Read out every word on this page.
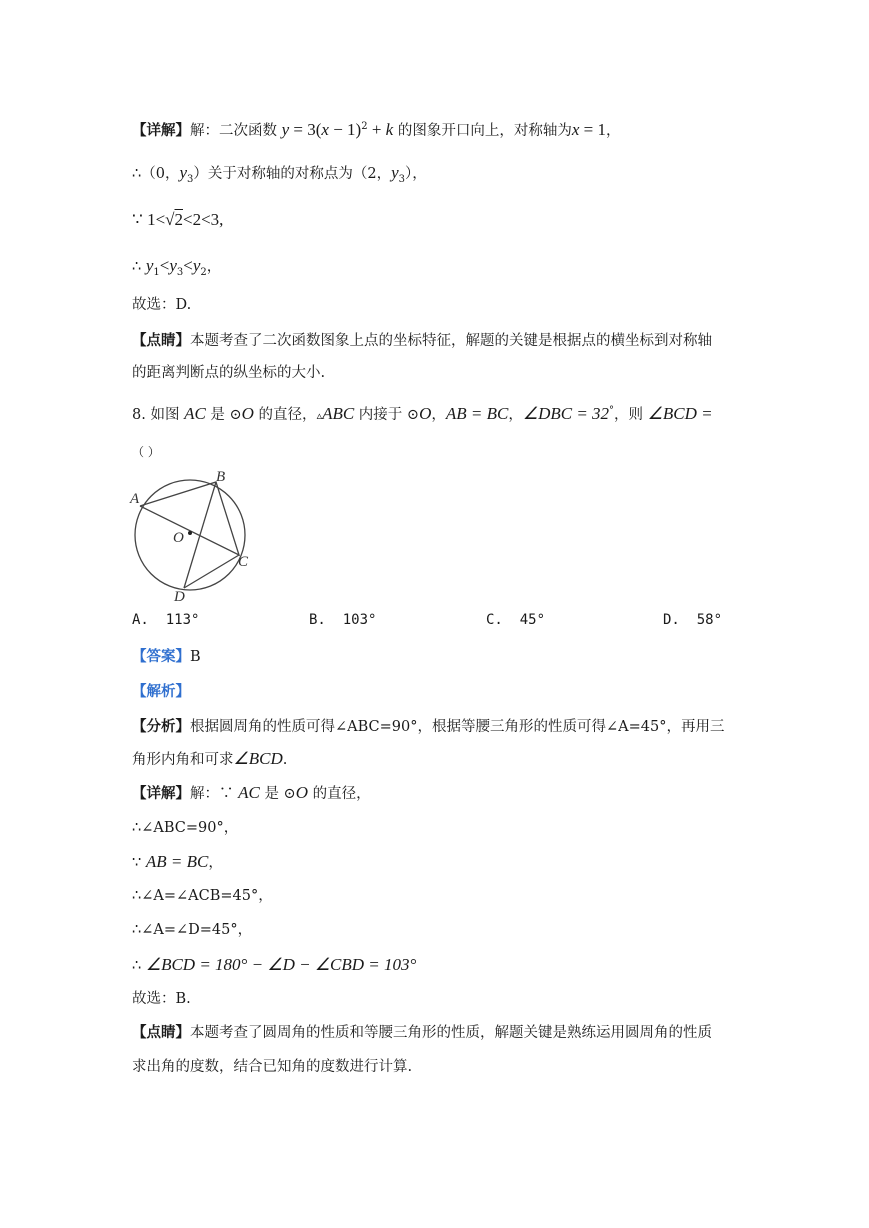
【详解】解：二次函数 $y = 3(x - 1)^2 + k$ 的图象开口向上，对称轴为x = 1，
∴（0，$y_3$）关于对称轴的对称点为（2，$y_3$），
∵ 1<√2<2<3,
∴ $y_1<y_3<y_2$，
故选：D.
【点睛】本题考查了二次函数图象上点的坐标特征，解题的关键是根据点的横坐标到对称轴
的距离判断点的纵坐标的大小.
8. 如图 AC 是 ⊙O 的直径，▵ABC 内接于 ⊙O，AB = BC，∠DBC = 32°，则 ∠BCD =
（ ）
A
B
C
D
O
A. 113°	B. 103°	C. 45°	D. 58°
【答案】B
【解析】
【分析】根据圆周角的性质可得∠ABC=90°，根据等腰三角形的性质可得∠A=45°，再用三
角形内角和可求∠BCD.
【详解】解：∵ AC 是 ⊙O 的直径，
∴∠ABC=90°，
∵ AB = BC，
∴∠A=∠ACB=45°，
∴∠A=∠D=45°，
∴ ∠BCD = 180° − ∠D − ∠CBD = 103°
故选：B.
【点睛】本题考查了圆周角的性质和等腰三角形的性质，解题关键是熟练运用圆周角的性质
求出角的度数，结合已知角的度数进行计算.
